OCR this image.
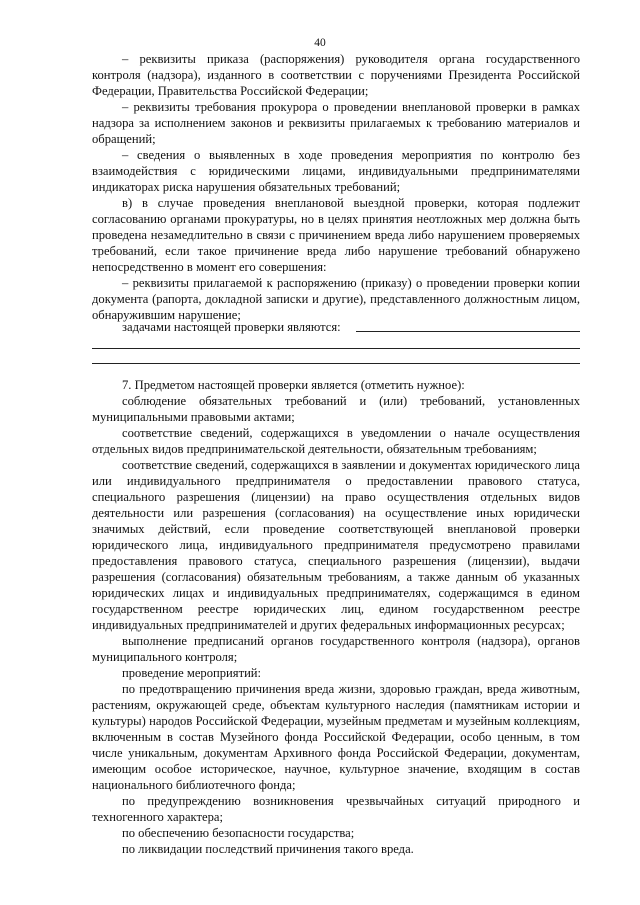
40

– реквизиты приказа (распоряжения) руководителя органа государственного контроля (надзора), изданного в соответствии с поручениями Президента Российской Федерации, Правительства Российской Федерации;

– реквизиты требования прокурора о проведении внеплановой проверки в рамках надзора за исполнением законов и реквизиты прилагаемых к требованию материалов и обращений;

– сведения о выявленных в ходе проведения мероприятия по контролю без взаимодействия с юридическими лицами, индивидуальными предпринимателями индикаторах риска нарушения обязательных требований;

в) в случае проведения внеплановой выездной проверки, которая подлежит согласованию органами прокуратуры, но в целях принятия неотложных мер должна быть проведена незамедлительно в связи с причинением вреда либо нарушением проверяемых требований, если такое причинение вреда либо нарушение требований обнаружено непосредственно в момент его совершения:

– реквизиты прилагаемой к распоряжению (приказу) о проведении проверки копии документа (рапорта, докладной записки и другие), представленного должностным лицом, обнаружившим нарушение;

задачами настоящей проверки являются:

7. Предметом настоящей проверки является (отметить нужное):

соблюдение обязательных требований и (или) требований, установленных муниципальными правовыми актами;

соответствие сведений, содержащихся в уведомлении о начале осуществления отдельных видов предпринимательской деятельности, обязательным требованиям;

соответствие сведений, содержащихся в заявлении и документах юридического лица или индивидуального предпринимателя о предоставлении правового статуса, специального разрешения (лицензии) на право осуществления отдельных видов деятельности или разрешения (согласования) на осуществление иных юридически значимых действий, если проведение соответствующей внеплановой проверки юридического лица, индивидуального предпринимателя предусмотрено правилами предоставления правового статуса, специального разрешения (лицензии), выдачи разрешения (согласования) обязательным требованиям, а также данным об указанных юридических лицах и индивидуальных предпринимателях, содержащимся в едином государственном реестре юридических лиц, едином государственном реестре индивидуальных предпринимателей и других федеральных информационных ресурсах;

выполнение предписаний органов государственного контроля (надзора), органов муниципального контроля;

проведение мероприятий:

по предотвращению причинения вреда жизни, здоровью граждан, вреда животным, растениям, окружающей среде, объектам культурного наследия (памятникам истории и культуры) народов Российской Федерации, музейным предметам и музейным коллекциям, включенным в состав Музейного фонда Российской Федерации, особо ценным, в том числе уникальным, документам Архивного фонда Российской Федерации, документам, имеющим особое историческое, научное, культурное значение, входящим в состав национального библиотечного фонда;

по предупреждению возникновения чрезвычайных ситуаций природного и техногенного характера;

по обеспечению безопасности государства;

по ликвидации последствий причинения такого вреда.
